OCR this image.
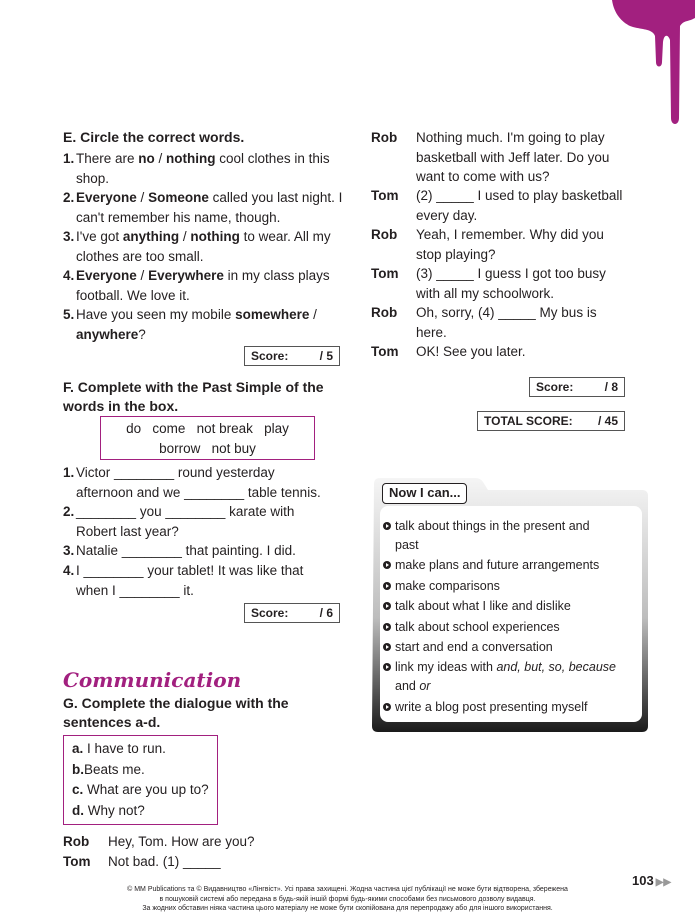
E. Circle the correct words.
1. There are no / nothing cool clothes in this shop.
2. Everyone / Someone called you last night. I can't remember his name, though.
3. I've got anything / nothing to wear. All my clothes are too small.
4. Everyone / Everywhere in my class plays football. We love it.
5. Have you seen my mobile somewhere / anywhere?
Score:	/ 5
F. Complete with the Past Simple of the
words in the box.
do   come   not break   play
borrow   not buy
1. Victor ________ round yesterday
afternoon and we ________ table tennis.
2. ________ you ________ karate with
Robert last year?
3. Natalie ________ that painting. I did.
4. I ________ your tablet! It was like that
when I ________ it.
Score:	/ 6
Communication
G. Complete the dialogue with the
sentences a-d.
a. I have to run.
b.Beats me.
c. What are you up to?
d. Why not?
Rob Hey, Tom. How are you?
Tom Not bad. (1) _____
Rob Nothing much. I'm going to play
basketball with Jeff later. Do you
want to come with us?
Tom (2) _____ I used to play basketball
every day.
Rob Yeah, I remember. Why did you
stop playing?
Tom (3) _____ I guess I got too busy
with all my schoolwork.
Rob Oh, sorry, (4) _____ My bus is
here.
Tom OK! See you later.
Score:	/ 8
TOTAL SCORE: / 45
Now I can...
talk about things in the present and
past
make plans and future arrangements
make comparisons
talk about what I like and dislike
talk about school experiences
start and end a conversation
link my ideas with and, but, so, because
and or
write a blog post presenting myself
103 ▶▶
© MM Publications та © Видавництво «Лінгвіст». Усі права захищені. Жодна частина цієї публікації не може бути відтворена, збережена
в пошуковій системі або передана в будь-якій іншій формі будь-якими способами без письмового дозволу видавця.
За жодних обставин ніяка частина цього матеріалу не може бути скопійована для перепродажу або для іншого використання.
